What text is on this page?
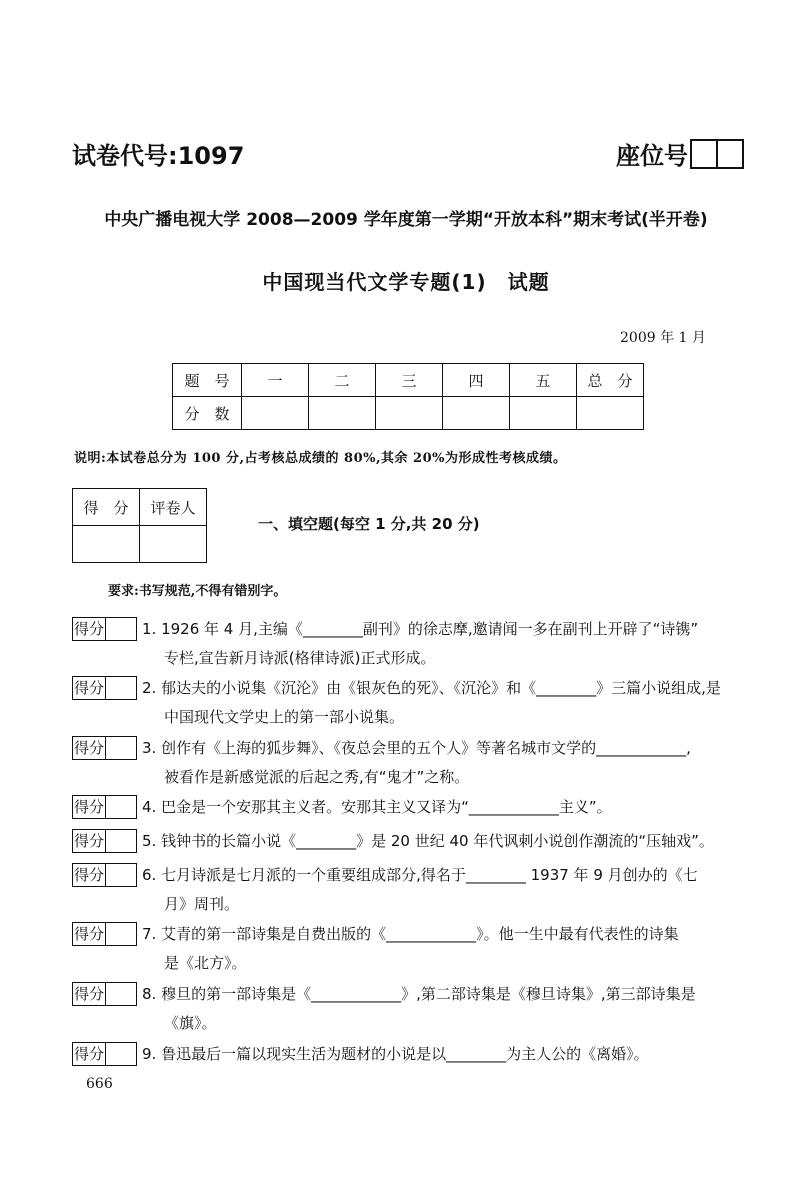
试卷代号:1097	座位号
中央广播电视大学 2008—2009 学年度第一学期“开放本科”期末考试(半开卷)
中国现当代文学专题(1)　试题
2009 年 1 月
题　号	一	二	三	四	五	总　分
分　数						
说明:本试卷总分为 100 分,占考核总成绩的 80%,其余 20%为形成性考核成绩。
得　分	评卷人

一、填空题(每空 1 分,共 20 分)
要求:书写规范,不得有错别字。
得分	1. 1926 年 4 月,主编《________副刊》的徐志摩,邀请闻一多在副刊上开辟了“诗镌”
专栏,宣告新月诗派(格律诗派)正式形成。
得分	2. 郁达夫的小说集《沉沦》由《银灰色的死》、《沉沦》和《________》三篇小说组成,是
中国现代文学史上的第一部小说集。
得分	3. 创作有《上海的狐步舞》、《夜总会里的五个人》等著名城市文学的____________,
被看作是新感觉派的后起之秀,有“鬼才”之称。
得分	4. 巴金是一个安那其主义者。安那其主义又译为“____________主义”。
得分	5. 钱钟书的长篇小说《________》是 20 世纪 40 年代讽刺小说创作潮流的“压轴戏”。
得分	6. 七月诗派是七月派的一个重要组成部分,得名于________ 1937 年 9 月创办的《七
月》周刊。
得分	7. 艾青的第一部诗集是自费出版的《____________》。他一生中最有代表性的诗集
是《北方》。
得分	8. 穆旦的第一部诗集是《____________》,第二部诗集是《穆旦诗集》,第三部诗集是
《旗》。
得分	9. 鲁迅最后一篇以现实生活为题材的小说是以________为主人公的《离婚》。
666
